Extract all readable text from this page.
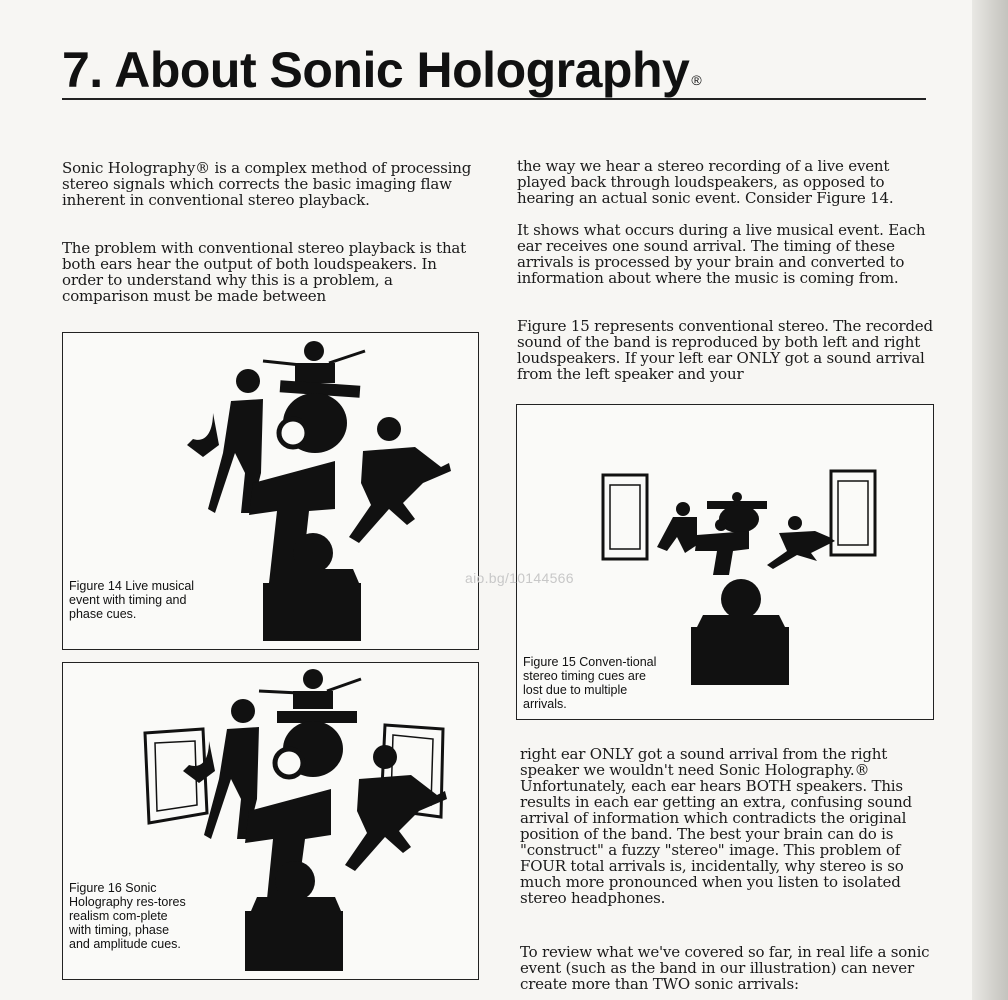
7. About Sonic Holography ®

Sonic Holography® is a complex method of processing stereo signals which corrects the basic imaging flaw inherent in conventional stereo playback.

The problem with conventional stereo playback is that both ears hear the output of both loudspeakers. In order to understand why this is a problem, a comparison must be made between

the way we hear a stereo recording of a live event played back through loudspeakers, as opposed to hearing an actual sonic event. Consider Figure 14.

It shows what occurs during a live musical event. Each ear receives one sound arrival. The timing of these arrivals is processed by your brain and converted to information about where the music is coming from.

Figure 15 represents conventional stereo. The recorded sound of the band is reproduced by both left and right loudspeakers. If your left ear ONLY got a sound arrival from the left speaker and your

right ear ONLY got a sound arrival from the right speaker we wouldn't need Sonic Holography.® Unfortunately, each ear hears BOTH speakers. This results in each ear getting an extra, confusing sound arrival of information which contradicts the original position of the band. The best your brain can do is "construct" a fuzzy "stereo" image. This problem of FOUR total arrivals is, incidentally, why stereo is so much more pronounced when you listen to isolated stereo headphones.

To review what we've covered so far, in real life a sonic event (such as the band in our illustration) can never create more than TWO sonic arrivals:

Figure 14 Live musical event with timing and phase cues.

Figure 15 Conven-tional stereo timing cues are lost due to multiple arrivals.

Figure 16 Sonic Holography res-tores realism com-plete with timing, phase and amplitude cues.

aio.bg/10144566
